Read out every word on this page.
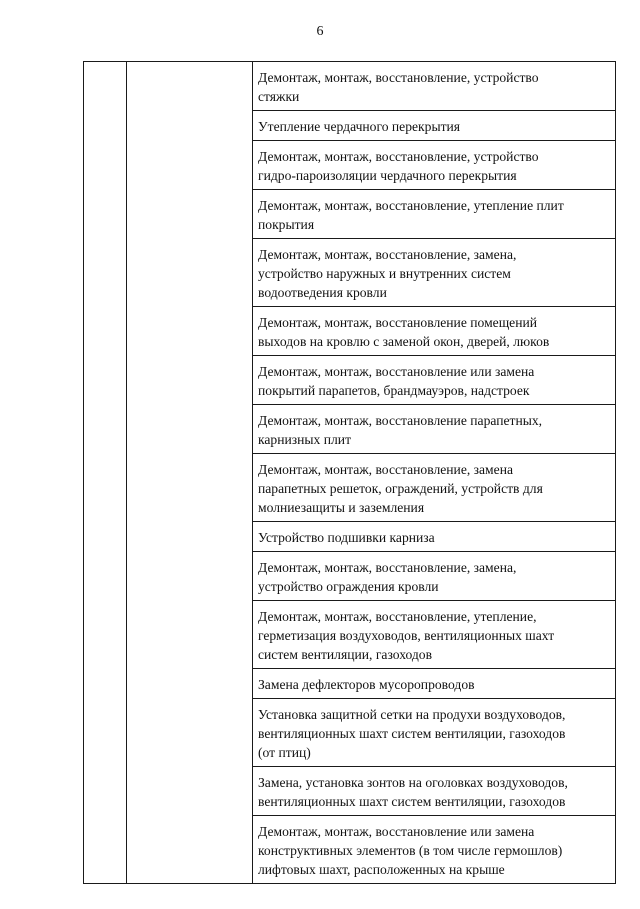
6

Демонтаж, монтаж, восстановление, устройство
стяжки

Утепление чердачного перекрытия

Демонтаж, монтаж, восстановление, устройство
гидро-пароизоляции чердачного перекрытия

Демонтаж, монтаж, восстановление, утепление плит
покрытия

Демонтаж, монтаж, восстановление, замена,
устройство наружных и внутренних систем
водоотведения кровли

Демонтаж, монтаж, восстановление помещений
выходов на кровлю с заменой окон, дверей, люков

Демонтаж, монтаж, восстановление или замена
покрытий парапетов, брандмауэров, надстроек

Демонтаж, монтаж, восстановление парапетных,
карнизных плит

Демонтаж, монтаж, восстановление, замена
парапетных решеток, ограждений, устройств для
молниезащиты и заземления

Устройство подшивки карниза

Демонтаж, монтаж, восстановление, замена,
устройство ограждения кровли

Демонтаж, монтаж, восстановление, утепление,
герметизация воздуховодов, вентиляционных шахт
систем вентиляции, газоходов

Замена дефлекторов мусоропроводов

Установка защитной сетки на продухи воздуховодов,
вентиляционных шахт систем вентиляции, газоходов
(от птиц)

Замена, установка зонтов на оголовках воздуховодов,
вентиляционных шахт систем вентиляции, газоходов

Демонтаж, монтаж, восстановление или замена
конструктивных элементов (в том числе гермошлов)
лифтовых шахт, расположенных на крыше
